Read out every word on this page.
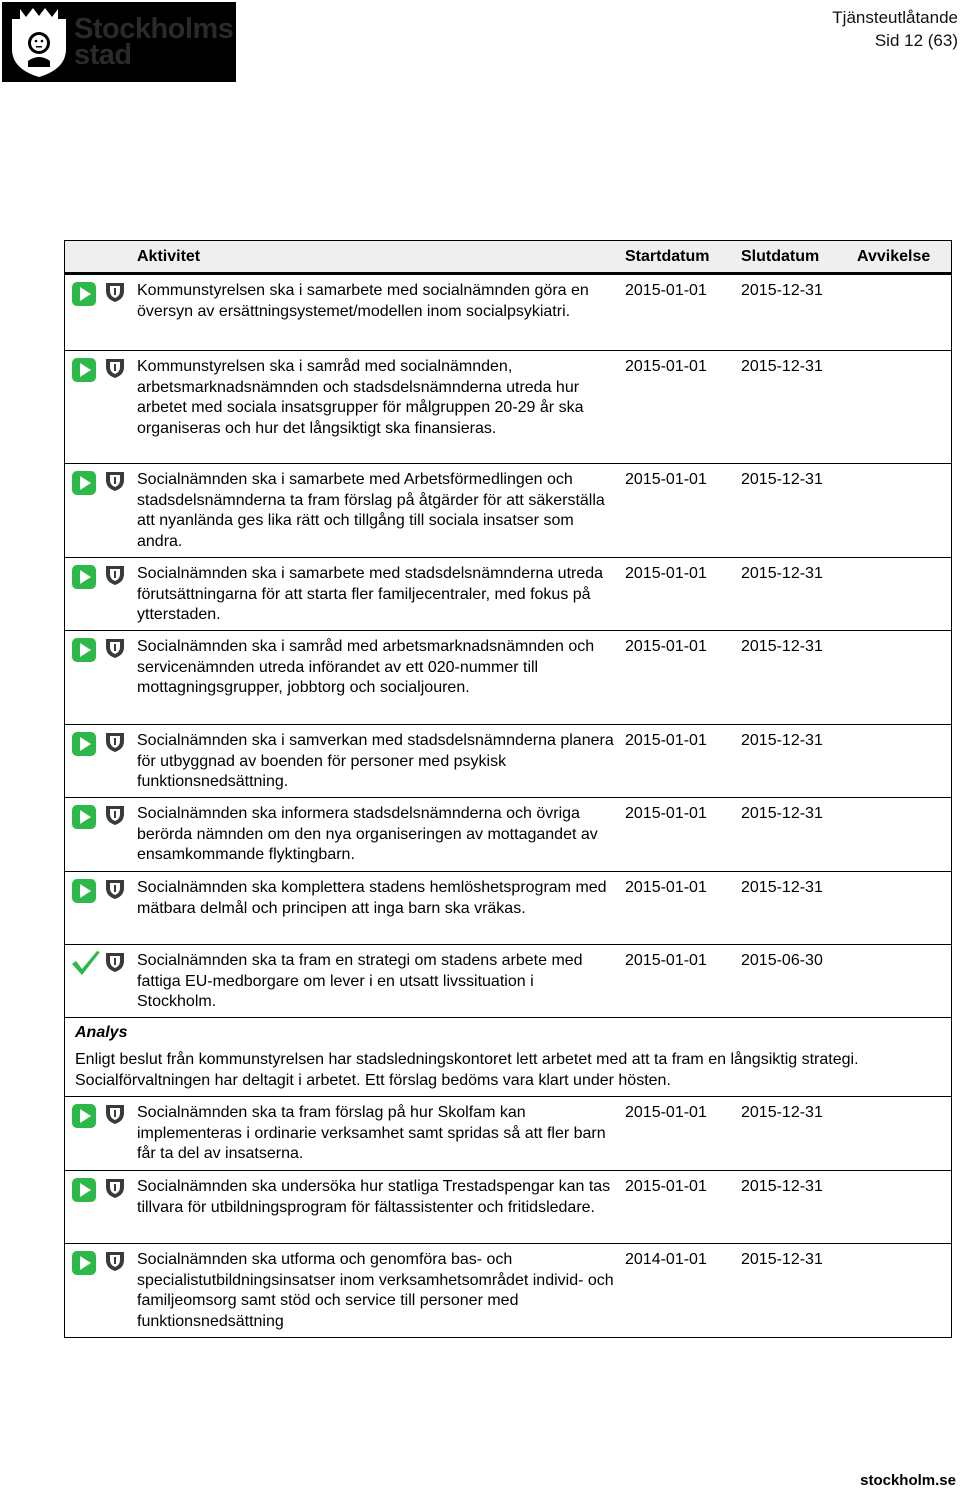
Stockholms
stad
Tjänsteutlåtande
Sid 12 (63)
Aktivitet	Startdatum Slutdatum Avvikelse
Kommunstyrelsen ska i samarbete med socialnämnden göra en översyn av ersättningsystemet/modellen inom socialpsykiatri.
2015-01-01 2015-12-31
Kommunstyrelsen ska i samråd med socialnämnden, arbetsmarknadsnämnden och stadsdelsnämnderna utreda hur arbetet med sociala insatsgrupper för målgruppen 20-29 år ska organiseras och hur det långsiktigt ska finansieras.
2015-01-01 2015-12-31
Socialnämnden ska i samarbete med Arbetsförmedlingen och stadsdelsnämnderna ta fram förslag på åtgärder för att säkerställa att nyanlända ges lika rätt och tillgång till sociala insatser som andra.
2015-01-01 2015-12-31
Socialnämnden ska i samarbete med stadsdelsnämnderna utreda förutsättningarna för att starta fler familjecentraler, med fokus på ytterstaden.
2015-01-01 2015-12-31
Socialnämnden ska i samråd med arbetsmarknadsnämnden och servicenämnden utreda införandet av ett 020-nummer till mottagningsgrupper, jobbtorg och socialjouren.
2015-01-01 2015-12-31
Socialnämnden ska i samverkan med stadsdelsnämnderna planera för utbyggnad av boenden för personer med psykisk funktionsnedsättning.
2015-01-01 2015-12-31
Socialnämnden ska informera stadsdelsnämnderna och övriga berörda nämnden om den nya organiseringen av mottagandet av ensamkommande flyktingbarn.
2015-01-01 2015-12-31
Socialnämnden ska komplettera stadens hemlöshetsprogram med mätbara delmål och principen att inga barn ska vräkas.
2015-01-01 2015-12-31
Socialnämnden ska ta fram en strategi om stadens arbete med fattiga EU-medborgare om lever i en utsatt livssituation i Stockholm.
2015-01-01 2015-06-30
Analys
Enligt beslut från kommunstyrelsen har stadsledningskontoret lett arbetet med att ta fram en långsiktig strategi. Socialförvaltningen har deltagit i arbetet. Ett förslag bedöms vara klart under hösten.
Socialnämnden ska ta fram förslag på hur Skolfam kan implementeras i ordinarie verksamhet samt spridas så att fler barn får ta del av insatserna.
2015-01-01 2015-12-31
Socialnämnden ska undersöka hur statliga Trestadspengar kan tas tillvara för utbildningsprogram för fältassistenter och fritidsledare.
2015-01-01 2015-12-31
Socialnämnden ska utforma och genomföra bas- och specialistutbildningsinsatser inom verksamhetsområdet individ- och familjeomsorg samt stöd och service till personer med funktionsnedsättning
2014-01-01 2015-12-31
stockholm.se
